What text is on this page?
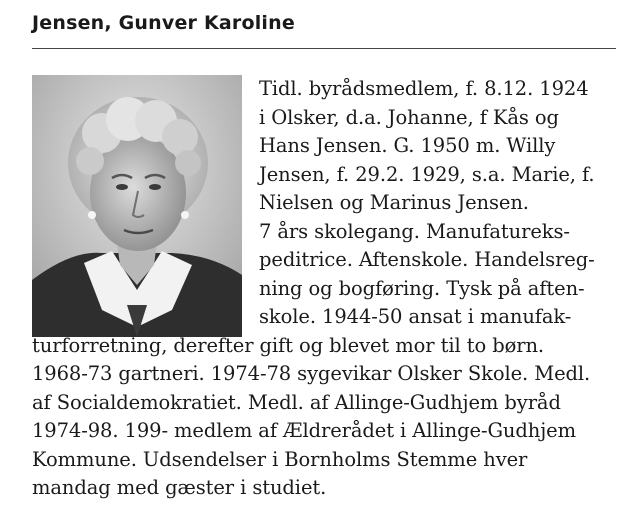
Jensen, Gunver Karoline

Tidl. byrådsmedlem, f. 8.12. 1924

i Olsker, d.a. Johanne, f Kås og

Hans Jensen. G. 1950 m. Willy

Jensen, f. 29.2. 1929, s.a. Marie, f.

Nielsen og Marinus Jensen.

7 års skolegang. Manufatureks-

peditrice. Aftenskole. Handelsreg-

ning og bogføring. Tysk på aften-

skole. 1944-50 ansat i manufak-

turforretning, derefter gift og blevet mor til to børn.

1968-73 gartneri. 1974-78 sygevikar Olsker Skole. Medl.

af Socialdemokratiet. Medl. af Allinge-Gudhjem byråd

1974-98. 199- medlem af Ældrerådet i Allinge-Gudhjem

Kommune. Udsendelser i Bornholms Stemme hver

mandag med gæster i studiet.
